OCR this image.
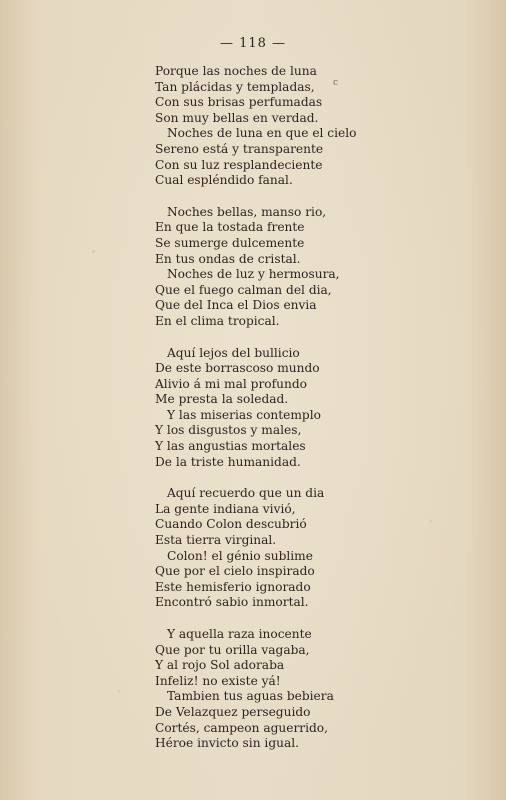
— 118 —
c
Porque las noches de luna
Tan plácidas y templadas,
Con sus brisas perfumadas
Son muy bellas en verdad.
Noches de luna en que el cielo
Sereno está y transparente
Con su luz resplandeciente
Cual espléndido fanal.
Noches bellas, manso rio,
En que la tostada frente
Se sumerge dulcemente
En tus ondas de cristal.
Noches de luz y hermosura,
Que el fuego calman del dia,
Que del Inca el Dios envia
En el clima tropical.
Aquí lejos del bullicio
De este borrascoso mundo
Alivio á mi mal profundo
Me presta la soledad.
Y las miserias contemplo
Y los disgustos y males,
Y las angustias mortales
De la triste humanidad.
Aquí recuerdo que un dia
La gente indiana vivió,
Cuando Colon descubrió
Esta tierra virginal.
Colon! el génio sublime
Que por el cielo inspirado
Este hemisferio ignorado
Encontró sabio inmortal.
Y aquella raza inocente
Que por tu orilla vagaba,
Y al rojo Sol adoraba
Infeliz! no existe yá!
Tambien tus aguas bebiera
De Velazquez perseguido
Cortés, campeon aguerrido,
Héroe invicto sin igual.
